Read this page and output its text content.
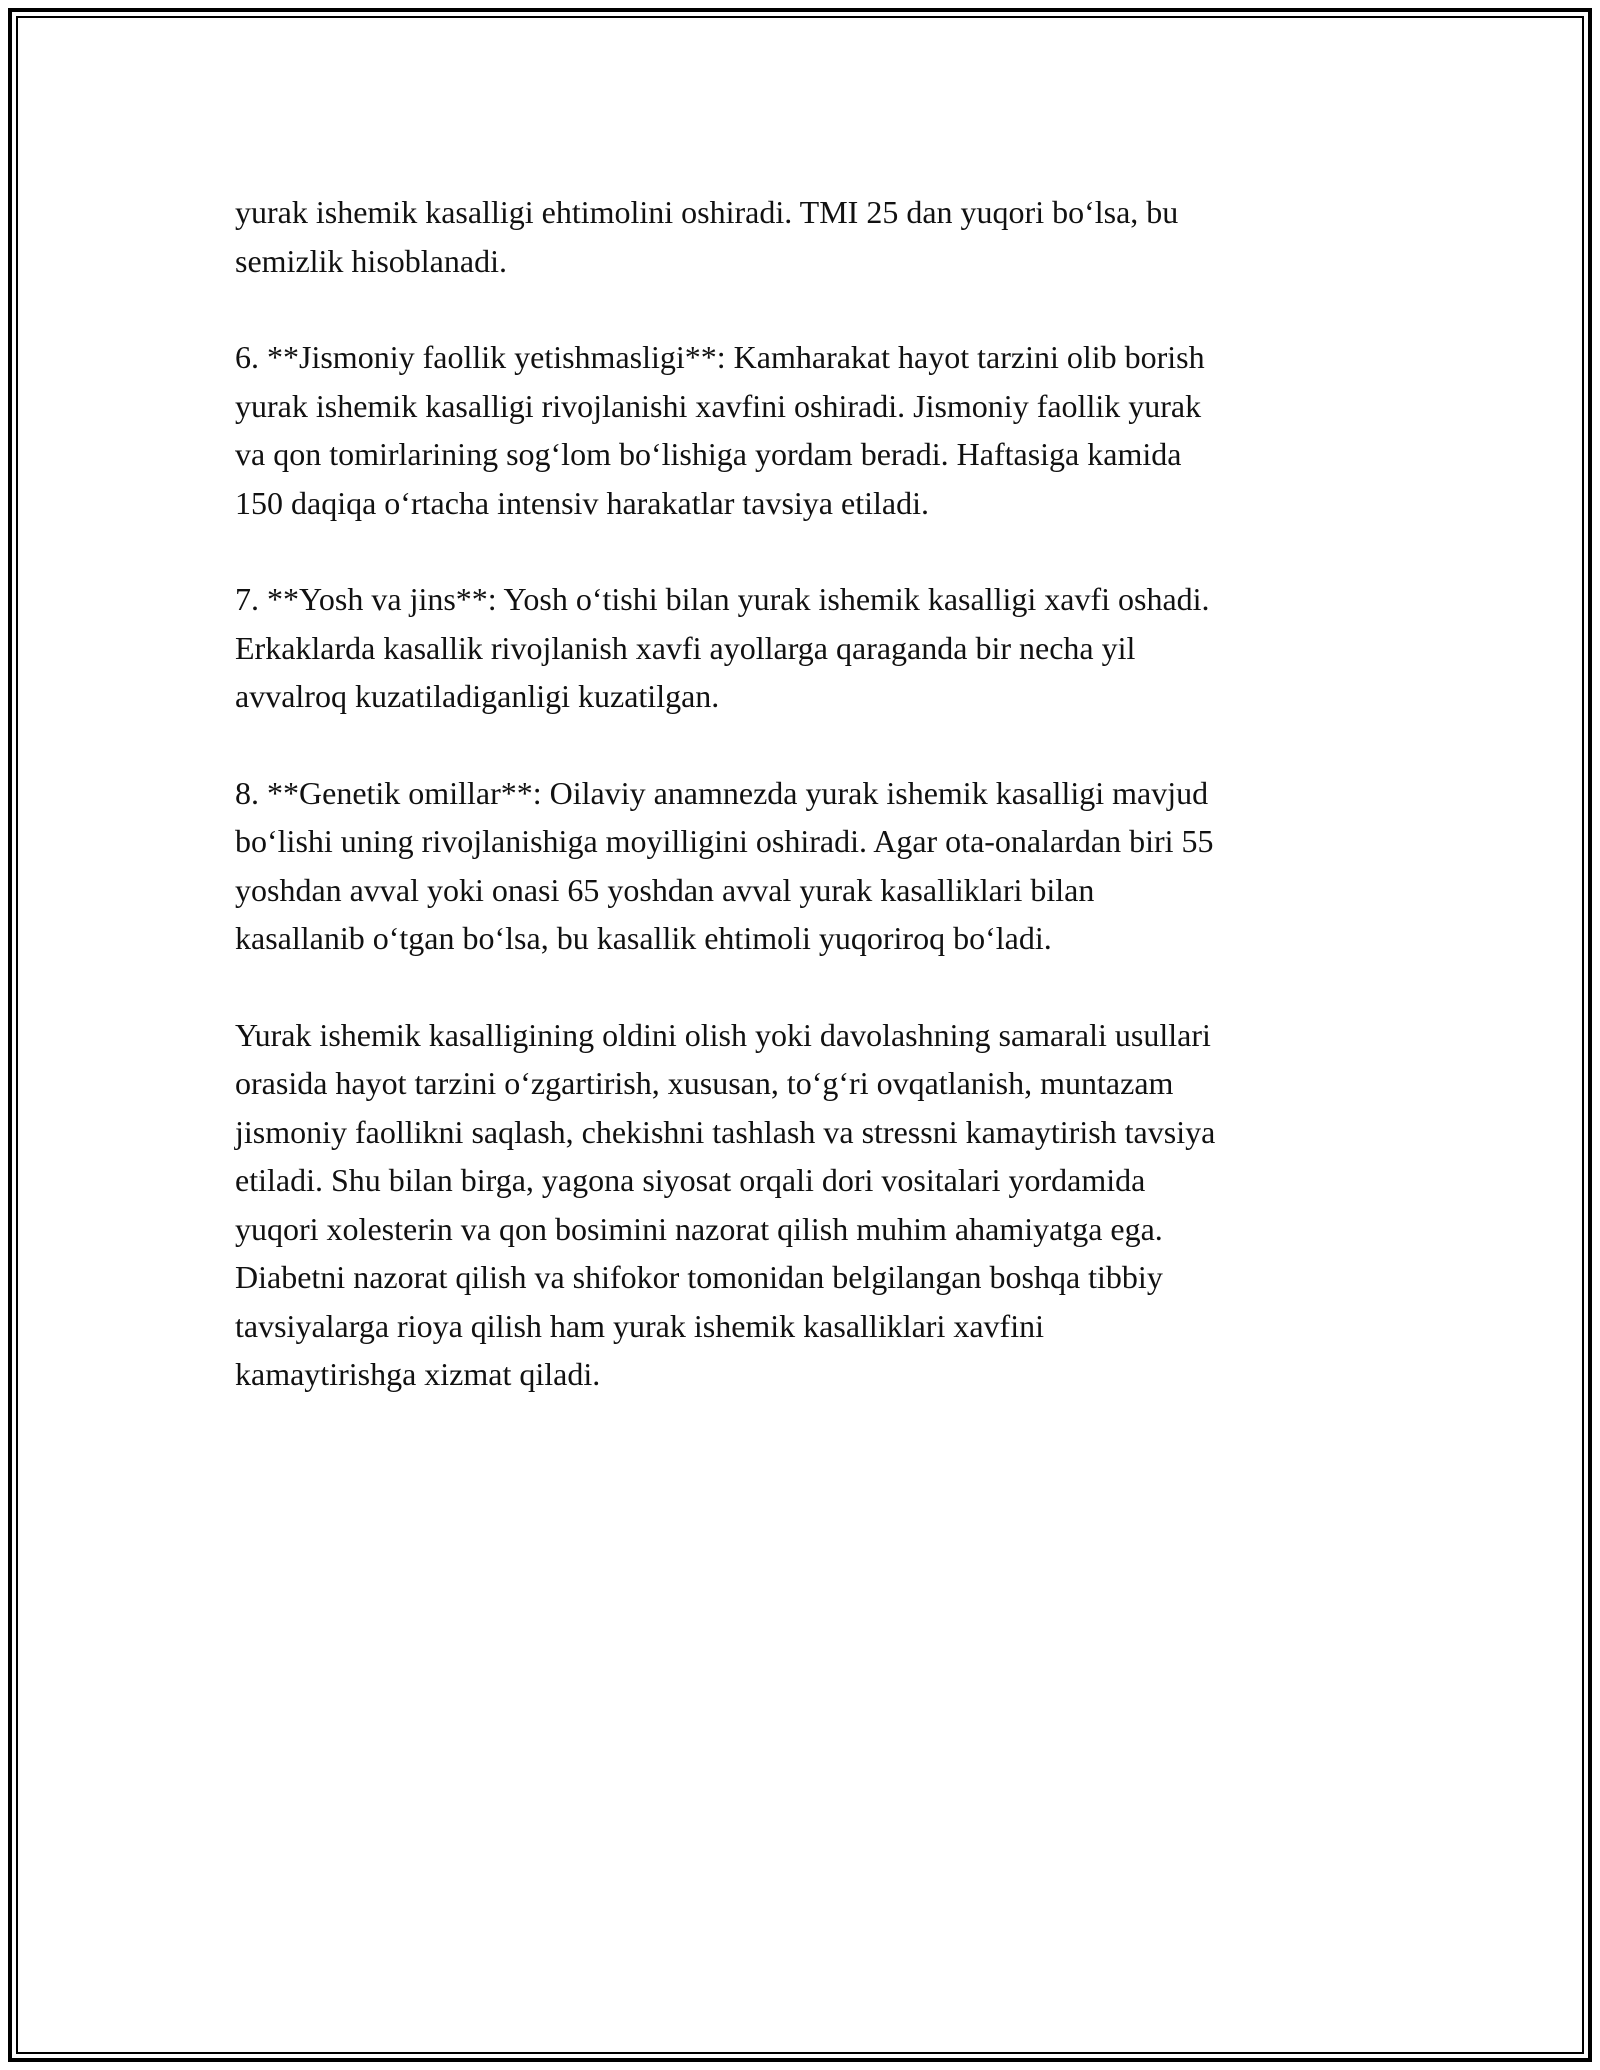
yurak ishemik kasalligi ehtimolini oshiradi. TMI 25 dan yuqori bo‘lsa, bu
semizlik hisoblanadi.

6. **Jismoniy faollik yetishmasligi**: Kamharakat hayot tarzini olib borish
yurak ishemik kasalligi rivojlanishi xavfini oshiradi. Jismoniy faollik yurak
va qon tomirlarining sog‘lom bo‘lishiga yordam beradi. Haftasiga kamida
150 daqiqa o‘rtacha intensiv harakatlar tavsiya etiladi.

7. **Yosh va jins**: Yosh o‘tishi bilan yurak ishemik kasalligi xavfi oshadi.
Erkaklarda kasallik rivojlanish xavfi ayollarga qaraganda bir necha yil
avvalroq kuzatiladiganligi kuzatilgan.

8. **Genetik omillar**: Oilaviy anamnezda yurak ishemik kasalligi mavjud
bo‘lishi uning rivojlanishiga moyilligini oshiradi. Agar ota-onalardan biri 55
yoshdan avval yoki onasi 65 yoshdan avval yurak kasalliklari bilan
kasallanib o‘tgan bo‘lsa, bu kasallik ehtimoli yuqoriroq bo‘ladi.

Yurak ishemik kasalligining oldini olish yoki davolashning samarali usullari
orasida hayot tarzini o‘zgartirish, xususan, to‘g‘ri ovqatlanish, muntazam
jismoniy faollikni saqlash, chekishni tashlash va stressni kamaytirish tavsiya
etiladi. Shu bilan birga, yagona siyosat orqali dori vositalari yordamida
yuqori xolesterin va qon bosimini nazorat qilish muhim ahamiyatga ega.
Diabetni nazorat qilish va shifokor tomonidan belgilangan boshqa tibbiy
tavsiyalarga rioya qilish ham yurak ishemik kasalliklari xavfini
kamaytirishga xizmat qiladi.
